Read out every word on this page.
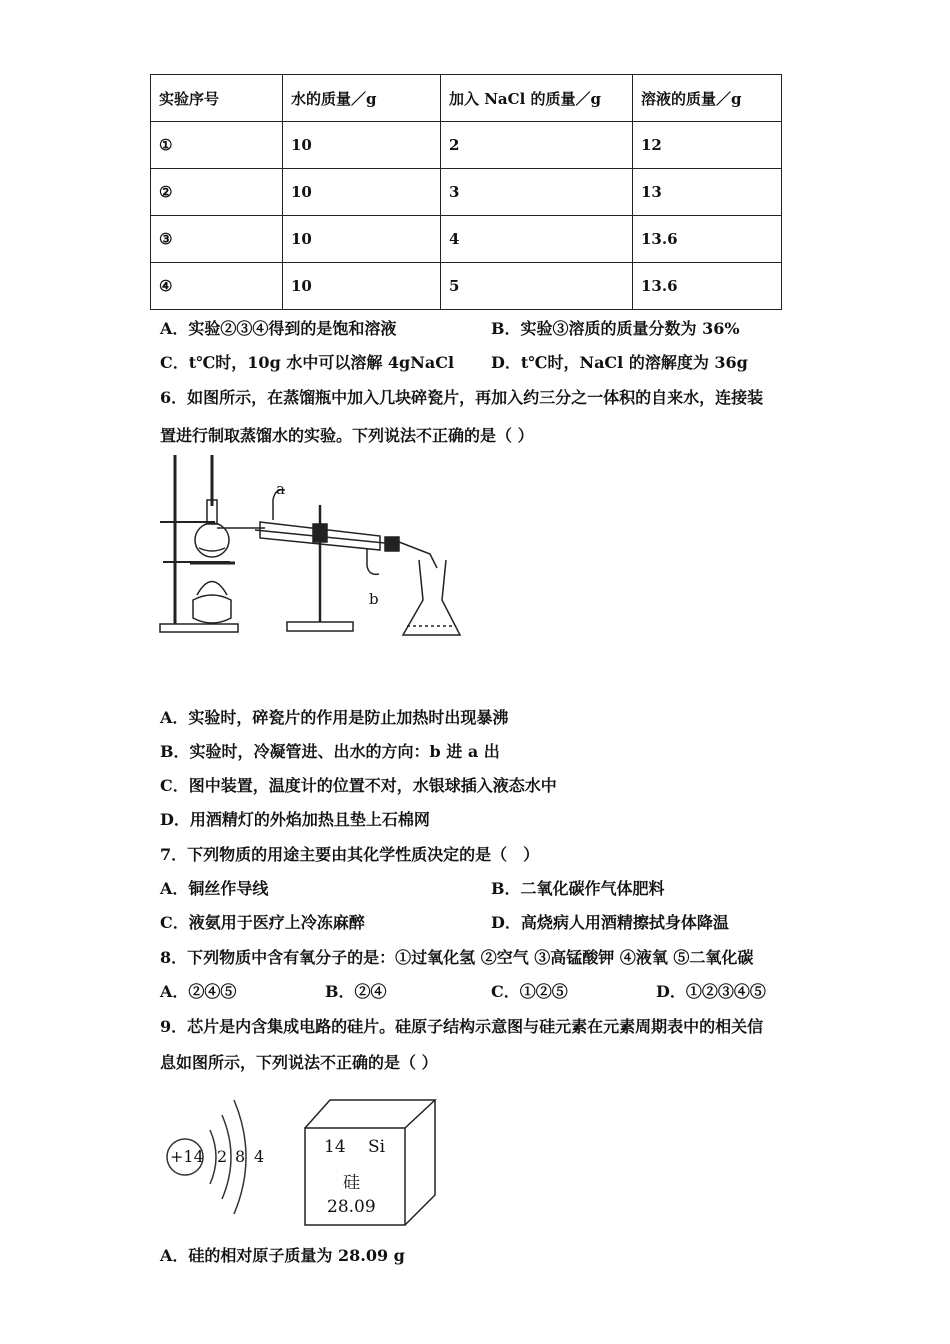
实验序号	水的质量／g	加入 NaCl 的质量／g	溶液的质量／g
①	10	2	12
②	10	3	13
③	10	4	13.6
④	10	5	13.6
A．实验②③④得到的是饱和溶液	B．实验③溶质的质量分数为 36%
C．t℃时，10g 水中可以溶解 4gNaCl D．t℃时，NaCl 的溶解度为 36g
6．如图所示，在蒸馏瓶中加入几块碎瓷片，再加入约三分之一体积的自来水，连接装
置进行制取蒸馏水的实验。下列说法不正确的是（ ）
a
b
A．实验时，碎瓷片的作用是防止加热时出现暴沸
B．实验时，冷凝管进、出水的方向：b 进 a 出
C．图中装置，温度计的位置不对，水银球插入液态水中
D．用酒精灯的外焰加热且垫上石棉网
7．下列物质的用途主要由其化学性质决定的是（　）
A．铜丝作导线	B．二氧化碳作气体肥料
C．液氨用于医疗上冷冻麻醉	D．高烧病人用酒精擦拭身体降温
8．下列物质中含有氧分子的是：①过氧化氢 ②空气 ③高锰酸钾 ④液氧 ⑤二氧化碳
A．②④⑤	B．②④	C．①②⑤	D．①②③④⑤
9．芯片是内含集成电路的硅片。硅原子结构示意图与硅元素在元素周期表中的相关信
息如图所示，下列说法不正确的是（ ）
+14 2 8 4	14 Si
硅
28.09
A．硅的相对原子质量为 28.09 g
